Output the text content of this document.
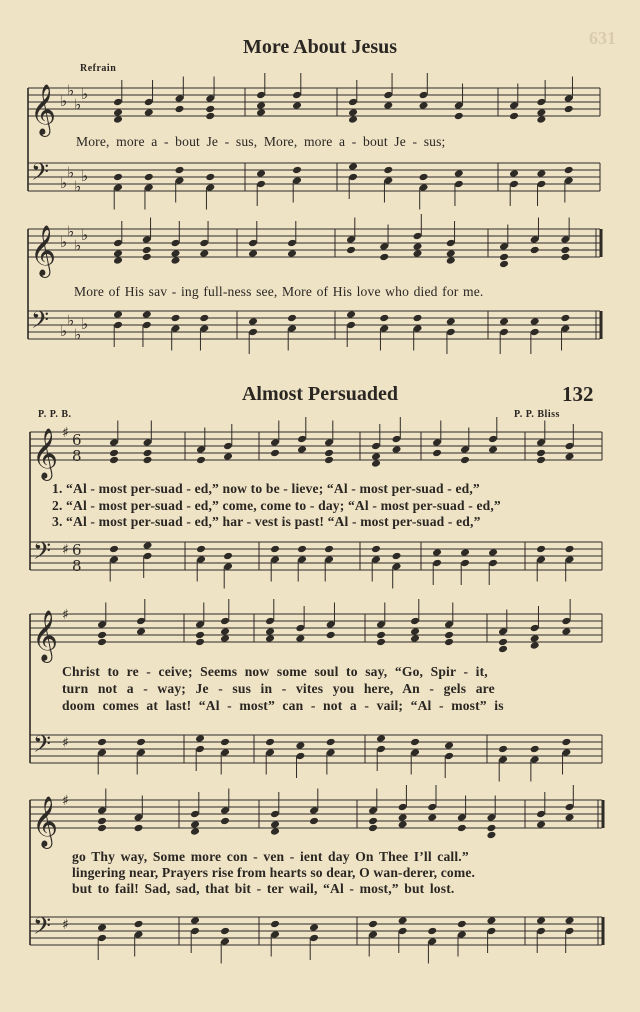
𝄞
𝄢
♭
♭
♭
♭
♭
♭
♭
♭
𝄞
𝄢
♭
♭
♭
♭
♭
♭
♭
♭
𝄞
𝄢
♯
♯
6
8
6
8
𝄞
𝄢
♯
♯
𝄞
𝄢
♯
♯
631
More About Jesus
Refrain
More, more a - bout Je - sus, More, more a - bout Je - sus;
More of His sav - ing full-ness see, More of His love who died for me.
Almost Persuaded	132
P. P. B.	P. P. Bliss
1. “Al - most per-suad - ed,” now to be - lieve; “Al - most per-suad - ed,”
2. “Al - most per-suad - ed,” come, come to - day; “Al - most per-suad - ed,”
3. “Al - most per-suad - ed,” har - vest is past! “Al - most per-suad - ed,”
Christ to re - ceive; Seems now some soul to say, “Go, Spir - it,
turn not a - way; Je - sus in - vites you here, An - gels are
doom comes at last! “Al - most” can - not a - vail; “Al - most” is
go Thy way, Some more con - ven - ient day On Thee I’ll call.”
lingering near, Prayers rise from hearts so dear, O wan-derer, come.
but to fail! Sad, sad, that bit - ter wail, “Al - most,” but lost.
